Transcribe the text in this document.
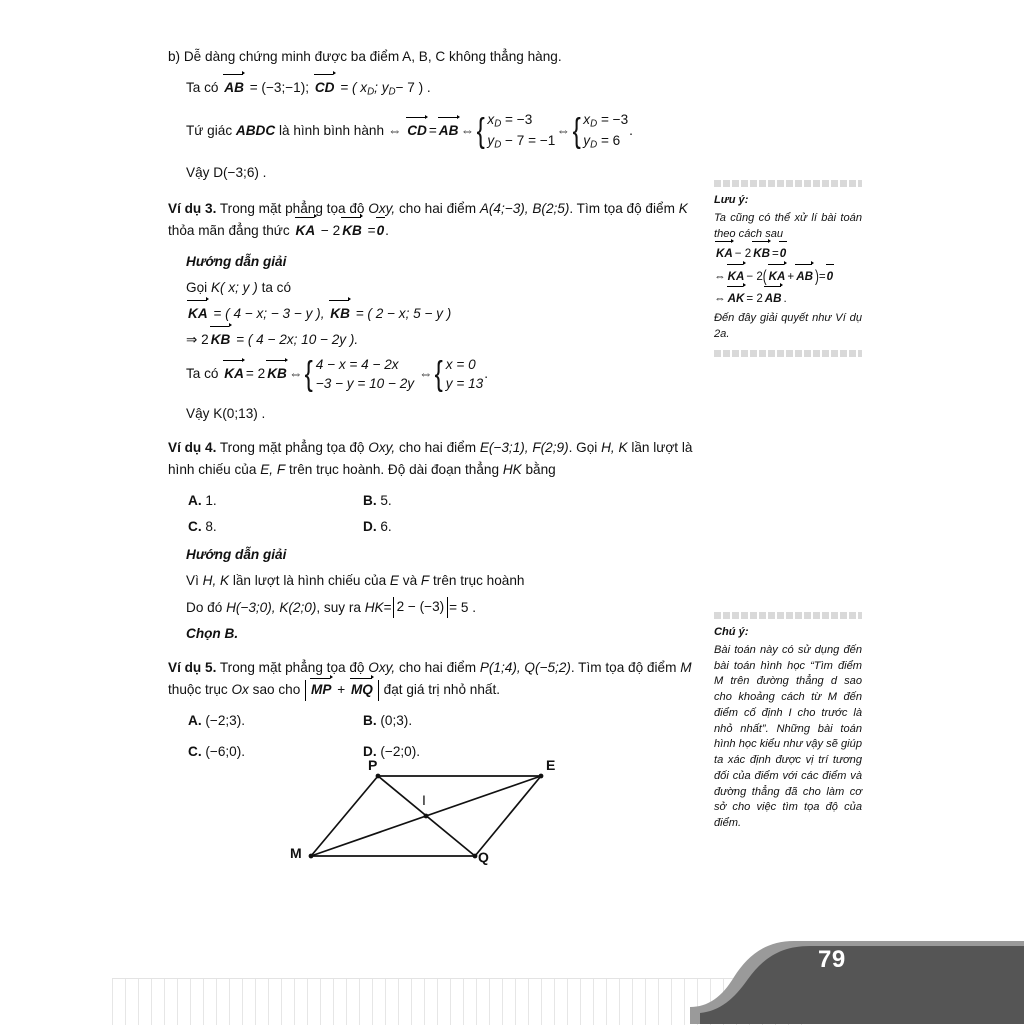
b) Dễ dàng chứng minh được ba điểm A, B, C không thẳng hàng.
Ta có AB = (−3;−1); CD = ( $x_D$; $y_D- 7$ ) .
Tứ giác
ABDC
là hình bình hành
⇔
CD = AB ⇔ { $x_D = -3$
$y_D - 7 = -1$
⇔ { $x_D = -3$
$y_D = 6$
.
Vậy D(−3;6) .
Ví dụ 3. Trong mặt phẳng tọa độ Oxy, cho hai điểm A(4;−3), B(2;5). Tìm tọa độ điểm K thỏa mãn đẳng thức KA − 2 KB =0.
Hướng dẫn giải
Gọi K( x; y ) ta có
KA = ( 4 − x; − 3 − y ), KB = ( 2 − x; 5 − y )
⇒ 2 KB = ( 4 − 2x; 10 − 2y ).
Ta có
KA = 2 KB ⇔ { 4 − x = 4 − 2x
−3 − y = 10 − 2y

⇔ { x = 0
y = 13
.
Vậy K(0;13) .
Ví dụ 4. Trong mặt phẳng tọa độ Oxy, cho hai điểm E(−3;1), F(2;9). Gọi H, K lần lượt là hình chiếu của E, F trên trục hoành. Độ dài đoạn thẳng HK bằng
A. 1.	B. 5.
C. 8.	D. 6.
Hướng dẫn giải
Vì H, K lần lượt là hình chiếu của E và F trên trục hoành
Do đó
H(−3;0),
K(2;0) , suy ra
HK = 2 − (−3) = 5 .
Chọn B.
Ví dụ 5. Trong mặt phẳng tọa độ Oxy, cho hai điểm P(1;4), Q(−5;2). Tìm tọa độ điểm M thuộc trục Ox sao cho MP + MQ đạt giá trị nhỏ nhất.
A. (−2;3).	B. (0;3).
C. (−6;0).	D. (−2;0).
Lưu ý:

Ta cũng có thể xử lí bài toán theo cách sau

KA − 2 KB =0
⇔ KA − 2( KA + AB )=0
⇔ AK = 2 AB .

Đến đây giải quyết như Ví dụ 2a.

Chú ý:

Bài toán này có sử dụng đến bài toán hình học “Tìm điểm M trên đường thẳng d sao cho khoảng cách từ M đến điểm cố định I cho trước là nhỏ nhất”. Những bài toán hình học kiểu như vậy sẽ giúp ta xác định được vị trí tương đối của điểm với các điểm và đường thẳng đã cho làm cơ sở cho việc tìm tọa độ của điểm.

P	E
M	Q
I
79
